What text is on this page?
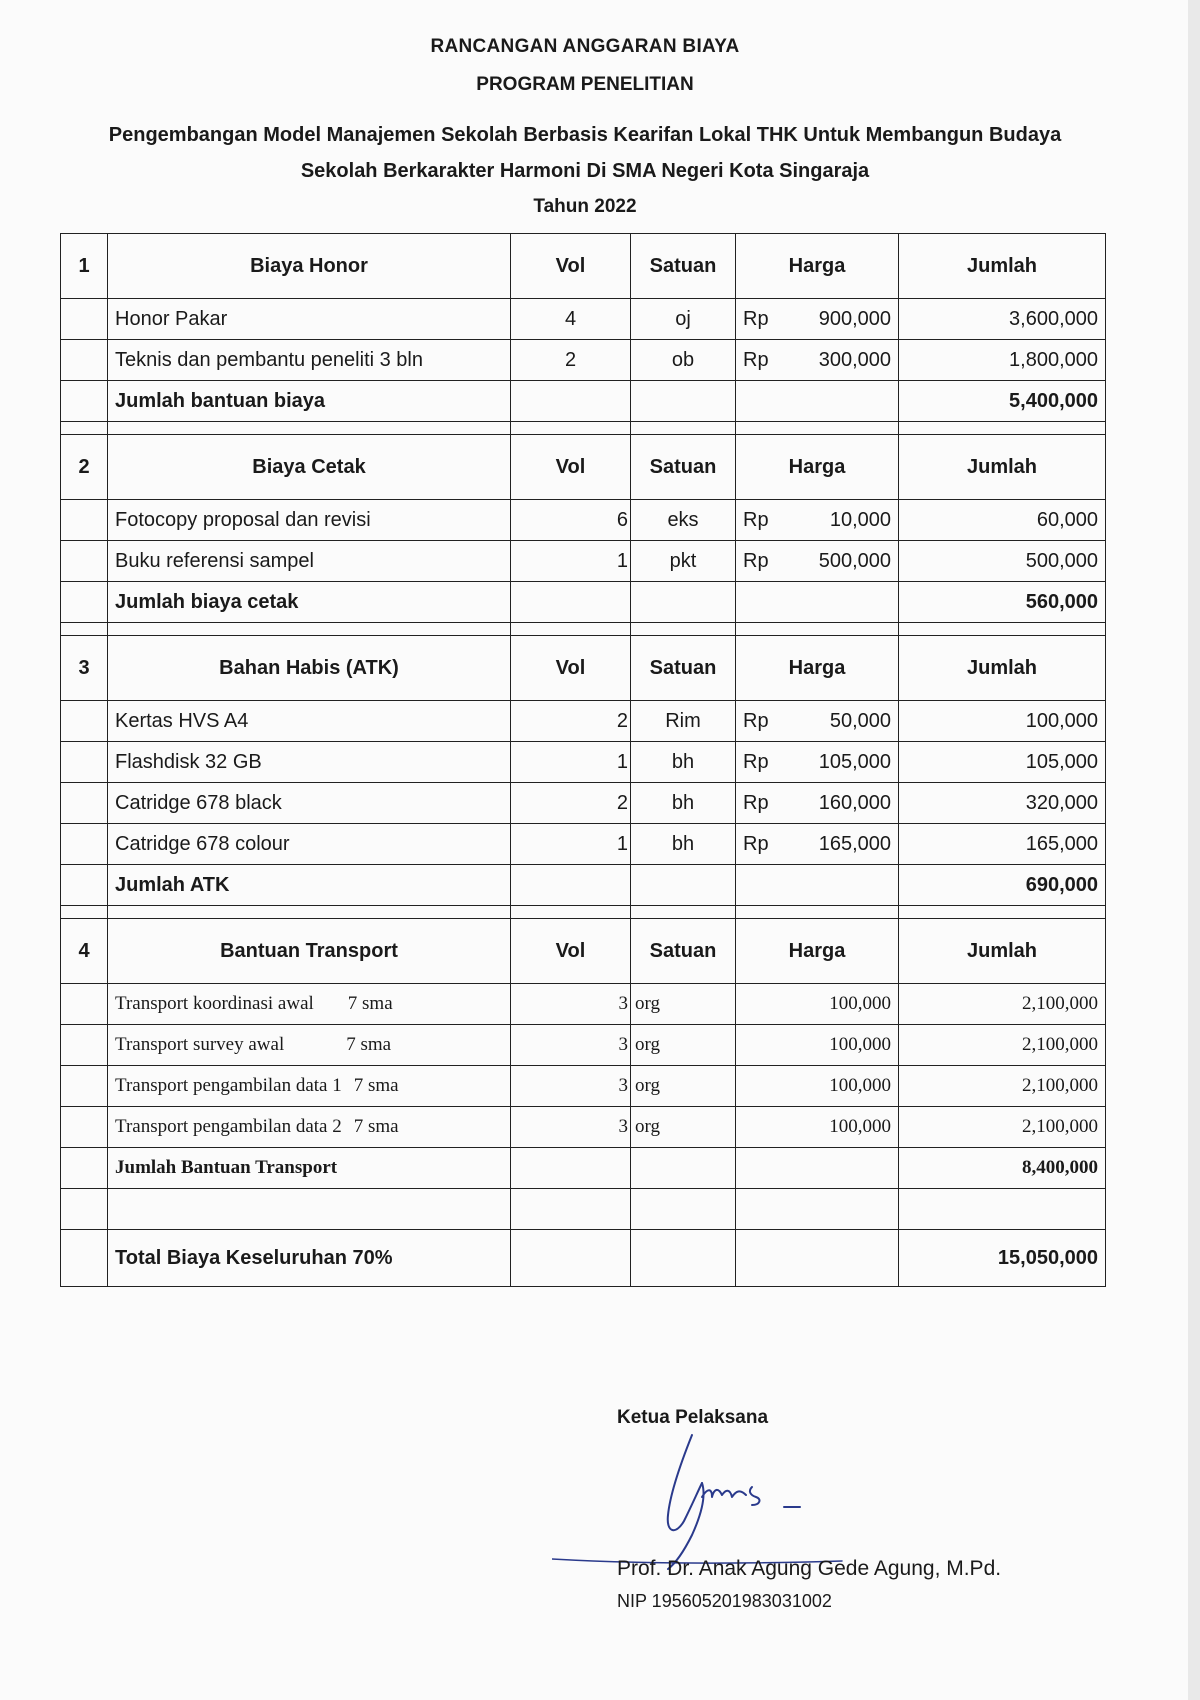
RANCANGAN ANGGARAN BIAYA
PROGRAM PENELITIAN
Pengembangan Model Manajemen Sekolah Berbasis Kearifan Lokal THK Untuk Membangun Budaya
Sekolah Berkarakter Harmoni Di SMA Negeri Kota Singaraja
Tahun 2022
1	Biaya Honor	Vol	Satuan	Harga		Jumlah
	Honor Pakar	4	oj	Rp	900,000	3,600,000
	Teknis dan pembantu peneliti 3 bln	2	ob	Rp	300,000	1,800,000
	Jumlah bantuan biaya					5,400,000

2	Biaya Cetak	Vol	Satuan	Harga		Jumlah
	Fotocopy proposal dan revisi	6	eks	Rp	10,000	60,000
	Buku referensi sampel	1	pkt	Rp	500,000	500,000
	Jumlah biaya cetak					560,000

3	Bahan Habis (ATK)	Vol	Satuan	Harga		Jumlah
	Kertas HVS A4	2	Rim	Rp	50,000	100,000
	Flashdisk 32 GB	1	bh	Rp	105,000	105,000
	Catridge 678 black	2	bh	Rp	160,000	320,000
	Catridge 678 colour	1	bh	Rp	165,000	165,000
	Jumlah ATK					690,000

4	Bantuan Transport	Vol	Satuan	Harga		Jumlah
	Transport koordinasi awal 7 sma	3	org	100,000		2,100,000
	Transport survey awal 7 sma	3	org	100,000		2,100,000
	Transport pengambilan data 1 7 sma	3	org	100,000		2,100,000
	Transport pengambilan data 2 7 sma	3	org	100,000		2,100,000
	Jumlah Bantuan Transport					8,400,000

	Total Biaya Keseluruhan 70%					15,050,000
Ketua Pelaksana
Prof. Dr. Anak Agung Gede Agung, M.Pd.
NIP 195605201983031002
